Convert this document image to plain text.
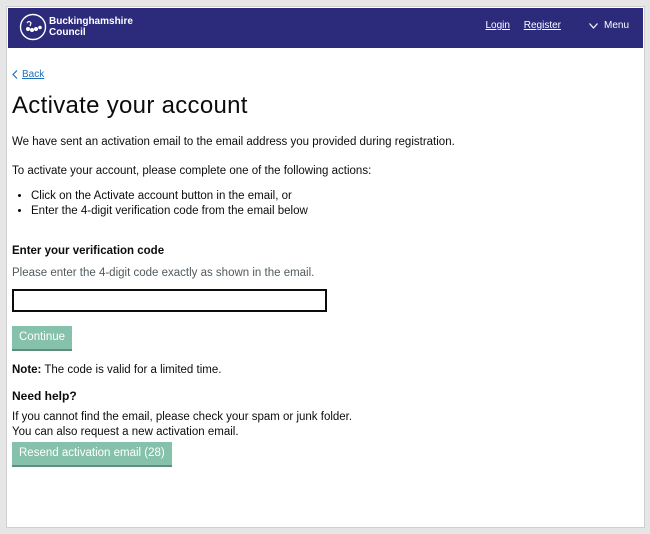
Buckinghamshire
Council
Login Register	Menu
Back
Activate your account

We have sent an activation email to the email address you provided during registration.

To activate your account, please complete one of the following actions:

• Click on the Activate account button in the email, or
• Enter the 4-digit verification code from the email below

Enter your verification code

Please enter the 4-digit code exactly as shown in the email.

Continue

Note: The code is valid for a limited time.

Need help?

If you cannot find the email, please check your spam or junk folder.

You can also request a new activation email.

Resend activation email (28)
